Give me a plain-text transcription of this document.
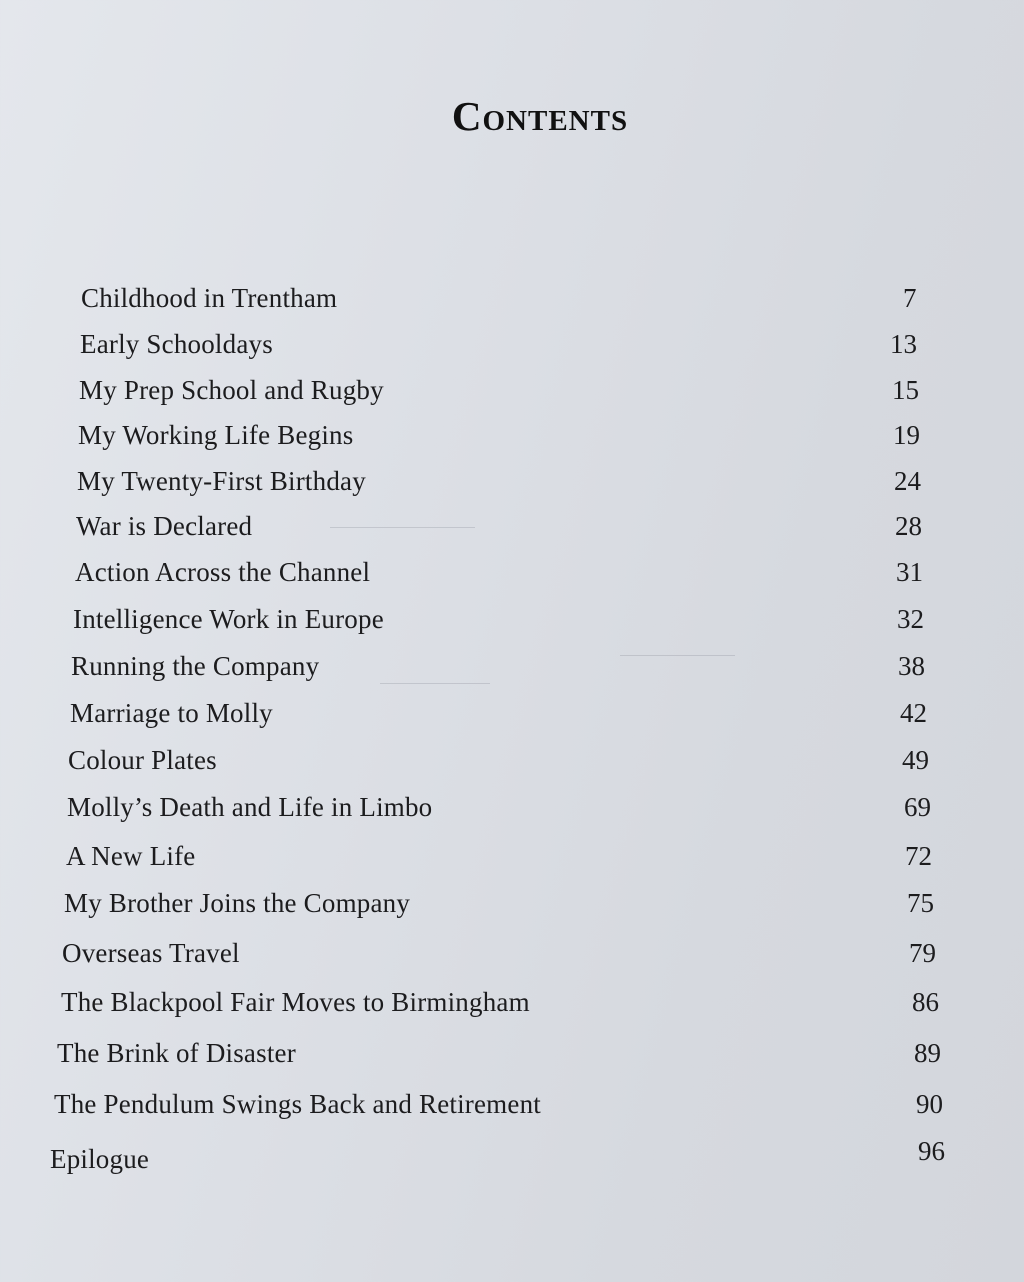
Contents
Childhood in Trentham	7
Early Schooldays	13
My Prep School and Rugby	15
My Working Life Begins	19
My Twenty-First Birthday	24
War is Declared	28
Action Across the Channel	31
Intelligence Work in Europe	32
Running the Company	38
Marriage to Molly	42
Colour Plates	49
Molly’s Death and Life in Limbo	69
A New Life	72
My Brother Joins the Company	75
Overseas Travel	79
The Blackpool Fair Moves to Birmingham	86
The Brink of Disaster	89
The Pendulum Swings Back and Retirement	90
Epilogue	96
